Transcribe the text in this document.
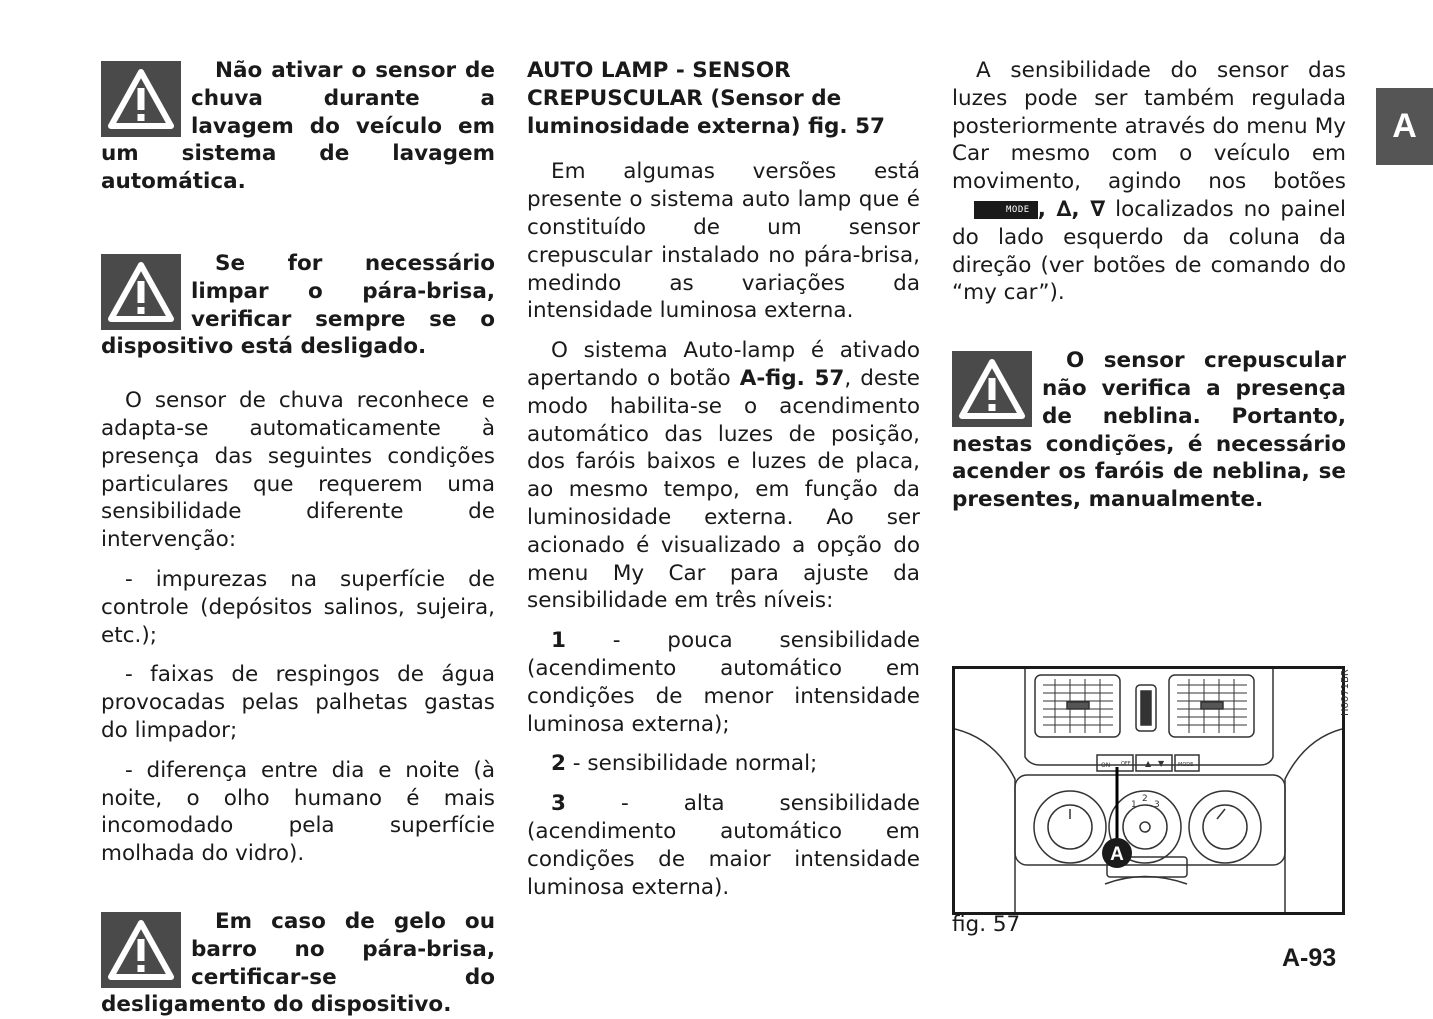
A

Não ativar o sensor de chuva durante a lavagem do veículo em um sistema de lavagem automática.

Se for necessário limpar o pára-brisa, verificar sempre se o dispositivo está desligado.

O sensor de chuva reconhece e adapta-se automaticamente à presença das seguintes condições particulares que requerem uma sensibilidade diferente de intervenção:

- impurezas na superfície de controle (depósitos salinos, sujeira, etc.);

- faixas de respingos de água provocadas pelas palhetas gastas do limpador;

- diferença entre dia e noite (à noite, o olho humano é mais incomodado pela superfície molhada do vidro).

Em caso de gelo ou barro no pára-brisa, certificar-se do desligamento do dispositivo.

AUTO LAMP - SENSOR CREPUSCULAR (Sensor de luminosidade externa) fig. 57

Em algumas versões está presente o sistema auto lamp que é constituído de um sensor crepuscular instalado no pára-brisa, medindo as variações da intensidade luminosa externa.

O sistema Auto-lamp é ativado apertando o botão A-fig. 57, deste modo habilita-se o acendimento automático das luzes de posição, dos faróis baixos e luzes de placa, ao mesmo tempo, em função da luminosidade externa. Ao ser acionado é visualizado a opção do menu My Car para ajuste da sensibilidade em três níveis:

1 - pouca sensibilidade (acendimento automático em condições de menor intensidade luminosa externa);

2 - sensibilidade normal;

3 - alta sensibilidade (acendimento automático em condições de maior intensidade luminosa externa).

A sensibilidade do sensor das luzes pode ser também regulada posteriormente através do menu My Car mesmo com o veículo em movimento, agindo nos botõesMODE , ∆, ∇ localizados no painel do lado esquerdo da coluna da direção (ver botões de comando do “my car”).

O sensor crepuscular não verifica a presença de neblina. Portanto, nestas condições, é necessário acender os faróis de neblina, se presentes, manualmente.

ON OFF	MODE
▲ ▼
1
2
3
A
H0071BR
fig. 57
A-93
